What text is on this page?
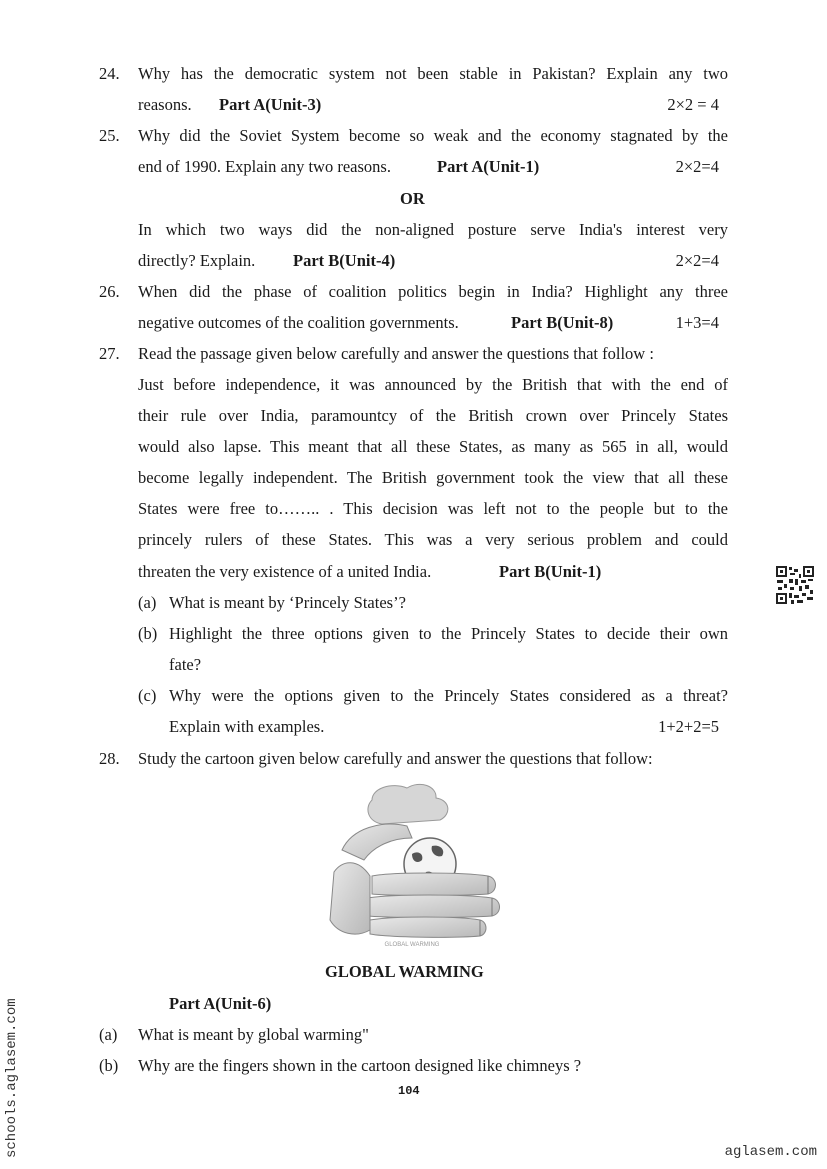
24. Why has the democratic system not been stable in Pakistan? Explain any two
reasons. Part A(Unit-3)	2×2 = 4
25. Why did the Soviet System become so weak and the economy stagnated by the
end of 1990. Explain any two reasons.	Part A(Unit-1)	2×2=4
OR
In which two ways did the non-aligned posture serve India's interest very
directly? Explain. Part B(Unit-4)	2×2=4
26. When did the phase of coalition politics begin in India? Highlight any three
negative outcomes of the coalition governments.	Part B(Unit-8)	1+3=4
27. Read the passage given below carefully and answer the questions that follow :
Just before independence, it was announced by the British that with the end of
their rule over India, paramountcy of the British crown over Princely States
would also lapse. This meant that all these States, as many as 565 in all, would
become legally independent. The British government took the view that all these
States were free to…….. . This decision was left not to the people but to the
princely rulers of these States. This was a very serious problem and could
threaten the very existence of a united India.	Part B(Unit-1)
(a) What is meant by ‘Princely States’?
(b) Highlight the three options given to the Princely States to decide their own
fate?
(c) Why were the options given to the Princely States considered as a threat?
Explain with examples.	1+2+2=5
28. Study the cartoon given below carefully and answer the questions that follow:
GLOBAL WARMING
GLOBAL WARMING
Part A(Unit-6)
(a) What is meant by global warming"
(b) Why are the fingers shown in the cartoon designed like chimneys ?
104
schools.aglasem.com	aglasem.com
